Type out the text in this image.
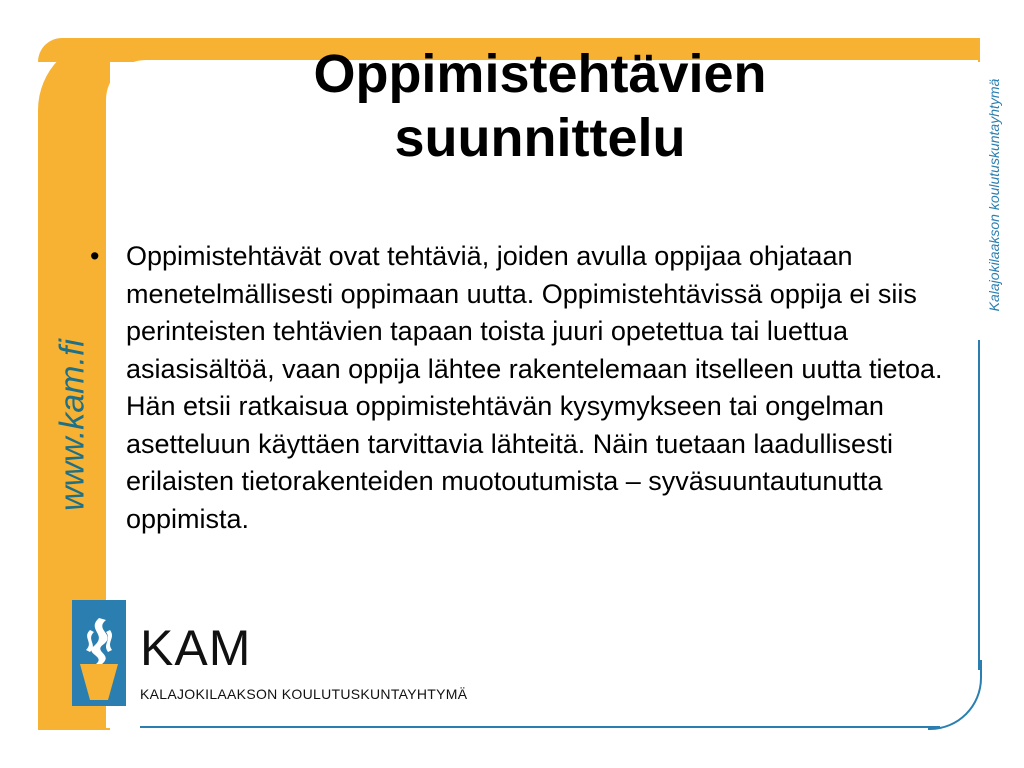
www.kam.fi
Kalajokilaakson koulutuskuntayhtymä
Oppimistehtävien
suunnittelu
• Oppimistehtävät ovat tehtäviä, joiden avulla oppijaa ohjataan menetelmällisesti oppimaan uutta. Oppimistehtävissä oppija ei siis perinteisten tehtävien tapaan toista juuri opetettua tai luettua asiasisältöä, vaan oppija lähtee rakentelemaan itselleen uutta tietoa. Hän etsii ratkaisua oppimistehtävän kysymykseen tai ongelman asetteluun käyttäen tarvittavia lähteitä. Näin tuetaan laadullisesti erilaisten tietorakenteiden muotoutumista – syväsuuntautunutta oppimista.
KAM
KALAJOKILAAKSON KOULUTUSKUNTAYHTYMÄ
